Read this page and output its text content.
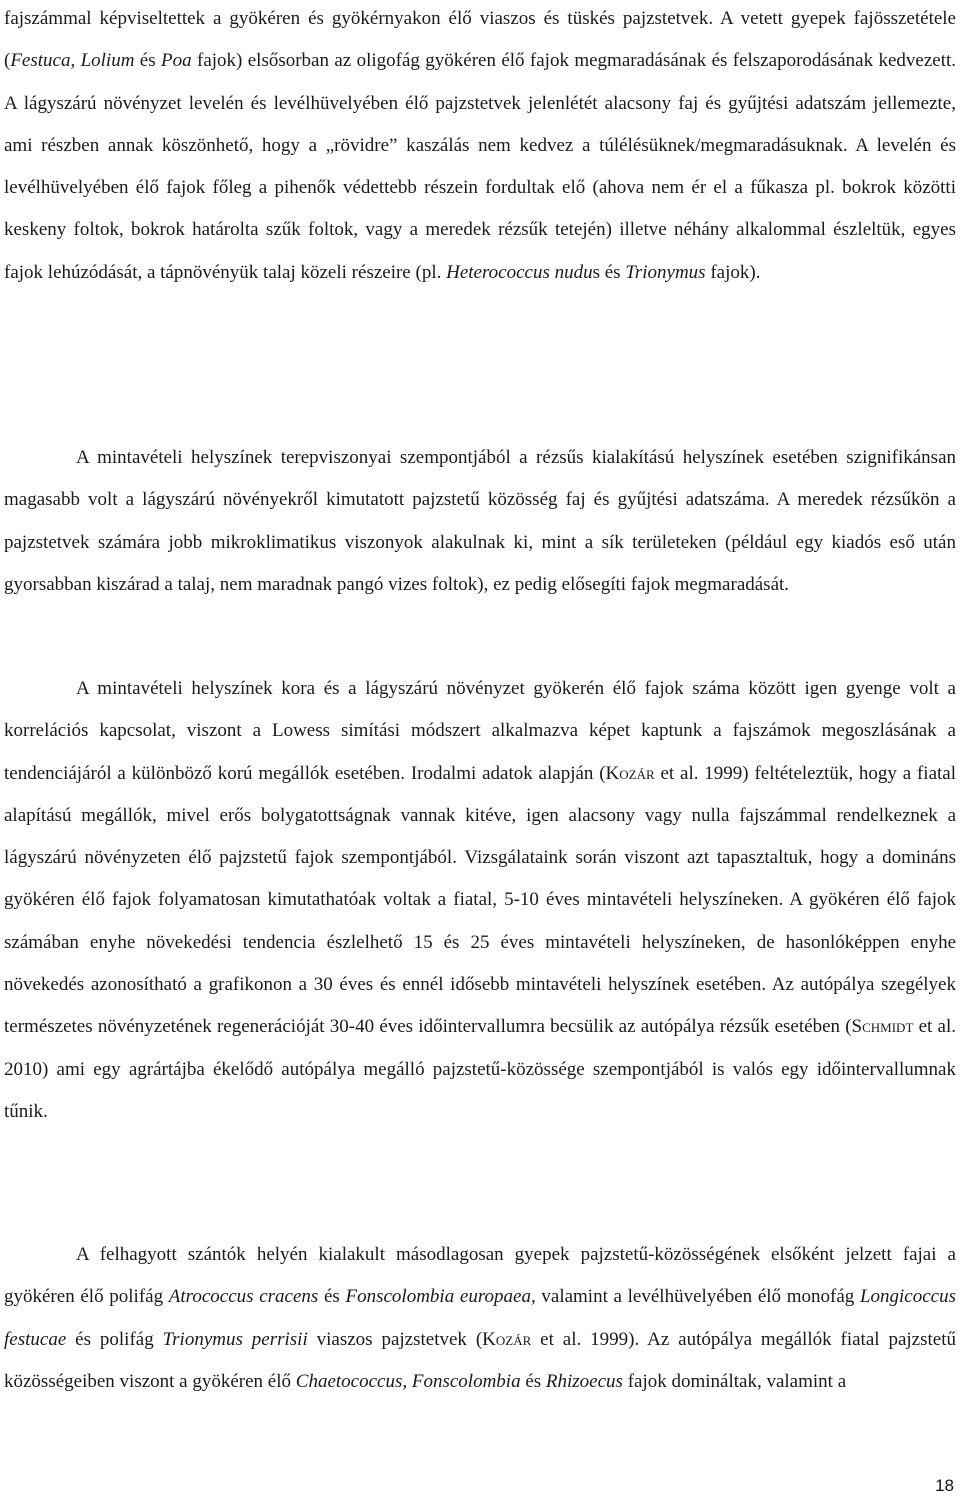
fajszámmal képviseltettek a gyökéren és gyökérnyakon élő viaszos és tüskés pajzstetvek. A vetett gyepek fajösszetétele (Festuca, Lolium és Poa fajok) elsősorban az oligofág gyökéren élő fajok megmaradásának és felszaporodásának kedvezett. A lágyszárú növényzet levelén és levélhüvelyében élő pajzstetvek jelenlétét alacsony faj és gyűjtési adatszám jellemezte, ami részben annak köszönhető, hogy a „rövidre” kaszálás nem kedvez a túlélésüknek/megmaradásuknak. A levelén és levélhüvelyében élő fajok főleg a pihenők védettebb részein fordultak elő (ahova nem ér el a fűkasza pl. bokrok közötti keskeny foltok, bokrok határolta szűk foltok, vagy a meredek rézsűk tetején) illetve néhány alkalommal észleltük, egyes fajok lehúzódását, a tápnövényük talaj közeli részeire (pl. Heterococcus nudus és Trionymus fajok).

A mintavételi helyszínek terepviszonyai szempontjából a rézsűs kialakítású helyszínek esetében szignifikánsan magasabb volt a lágyszárú növényekről kimutatott pajzstetű közösség faj és gyűjtési adatszáma. A meredek rézsűkön a pajzstetvek számára jobb mikroklimatikus viszonyok alakulnak ki, mint a sík területeken (például egy kiadós eső után gyorsabban kiszárad a talaj, nem maradnak pangó vizes foltok), ez pedig elősegíti fajok megmaradását.

A mintavételi helyszínek kora és a lágyszárú növényzet gyökerén élő fajok száma között igen gyenge volt a korrelációs kapcsolat, viszont a Lowess simítási módszert alkalmazva képet kaptunk a fajszámok megoszlásának a tendenciájáról a különböző korú megállók esetében. Irodalmi adatok alapján (Kozár et al. 1999) feltételeztük, hogy a fiatal alapítású megállók, mivel erős bolygatottságnak vannak kitéve, igen alacsony vagy nulla fajszámmal rendelkeznek a lágyszárú növényzeten élő pajzstetű fajok szempontjából. Vizsgálataink során viszont azt tapasztaltuk, hogy a domináns gyökéren élő fajok folyamatosan kimutathatóak voltak a fiatal, 5-10 éves mintavételi helyszíneken. A gyökéren élő fajok számában enyhe növekedési tendencia észlelhető 15 és 25 éves mintavételi helyszíneken, de hasonlóképpen enyhe növekedés azonosítható a grafikonon a 30 éves és ennél idősebb mintavételi helyszínek esetében. Az autópálya szegélyek természetes növényzetének regenerációját 30-40 éves időintervallumra becsülik az autópálya rézsűk esetében (Schmidt et al. 2010) ami egy agrártájba ékelődő autópálya megálló pajzstetű-közössége szempontjából is valós egy időintervallumnak tűnik.

A felhagyott szántók helyén kialakult másodlagosan gyepek pajzstetű-közösségének elsőként jelzett fajai a gyökéren élő polifág Atrococcus cracens és Fonscolombia europaea, valamint a levélhüvelyében élő monofág Longicoccus festucae és polifág Trionymus perrisii viaszos pajzstetvek (Kozár et al. 1999). Az autópálya megállók fiatal pajzstetű közösségeiben viszont a gyökéren élő Chaetococcus, Fonscolombia és Rhizoecus fajok domináltak, valamint a

18
